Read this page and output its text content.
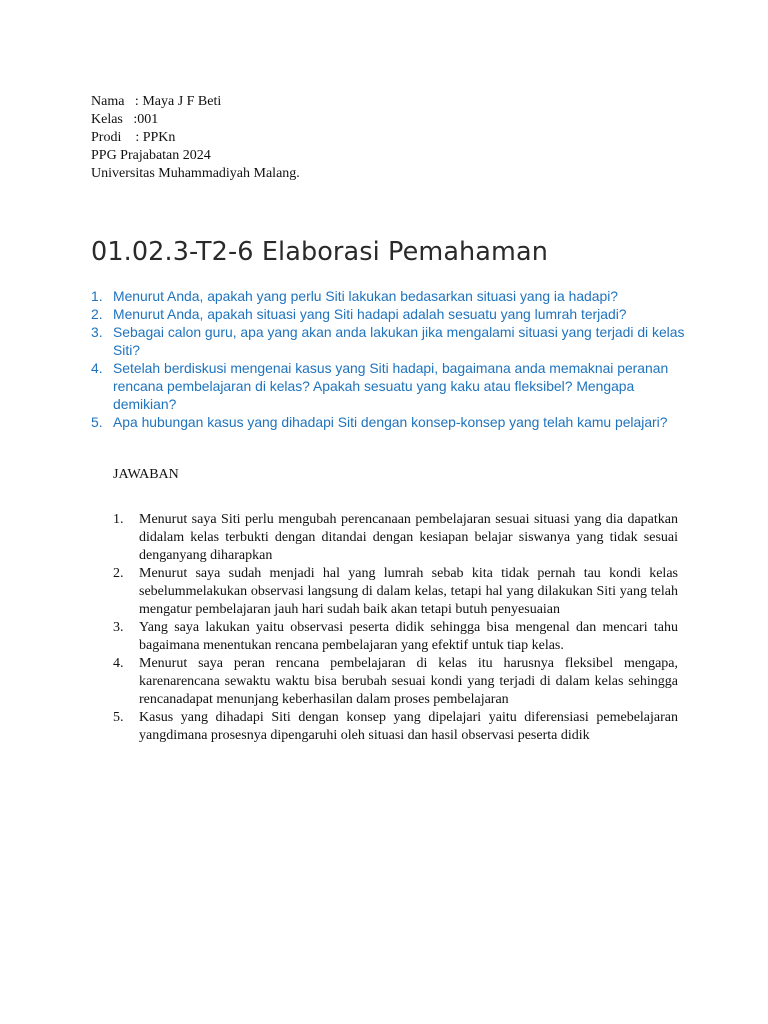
Nama   : Maya J F Beti
Kelas   :001
Prodi    : PPKn
PPG Prajabatan 2024
Universitas Muhammadiyah Malang.
01.02.3-T2-6 Elaborasi Pemahaman
1. Menurut Anda, apakah yang perlu Siti lakukan bedasarkan situasi yang ia hadapi?
2. Menurut Anda, apakah situasi yang Siti hadapi adalah sesuatu yang lumrah terjadi?
3. Sebagai calon guru, apa yang akan anda lakukan jika mengalami situasi yang terjadi di kelas Siti?
4. Setelah berdiskusi mengenai kasus yang Siti hadapi, bagaimana anda memaknai peranan rencana pembelajaran di kelas? Apakah sesuatu yang kaku atau fleksibel? Mengapa demikian?
5. Apa hubungan kasus yang dihadapi Siti dengan konsep-konsep yang telah kamu pelajari?
JAWABAN
1. Menurut saya Siti perlu mengubah perencanaan pembelajaran sesuai situasi yang dia dapatkan didalam kelas terbukti dengan ditandai dengan kesiapan belajar siswanya yang tidak sesuai denganyang diharapkan
2. Menurut saya sudah menjadi hal yang lumrah sebab kita tidak pernah tau kondi kelas sebelummelakukan observasi langsung di dalam kelas, tetapi hal yang dilakukan Siti yang telah mengatur pembelajaran jauh hari sudah baik akan tetapi butuh penyesuaian
3. Yang saya lakukan yaitu observasi peserta didik sehingga bisa mengenal dan mencari tahu bagaimana menentukan rencana pembelajaran yang efektif untuk tiap kelas.
4. Menurut saya peran rencana pembelajaran di kelas itu harusnya fleksibel mengapa, karenarencana sewaktu waktu bisa berubah sesuai kondi yang terjadi di dalam kelas sehingga rencanadapat menunjang keberhasilan dalam proses pembelajaran
5. Kasus yang dihadapi Siti dengan konsep yang dipelajari yaitu diferensiasi pemebelajaran yangdimana prosesnya dipengaruhi oleh situasi dan hasil observasi peserta didik
